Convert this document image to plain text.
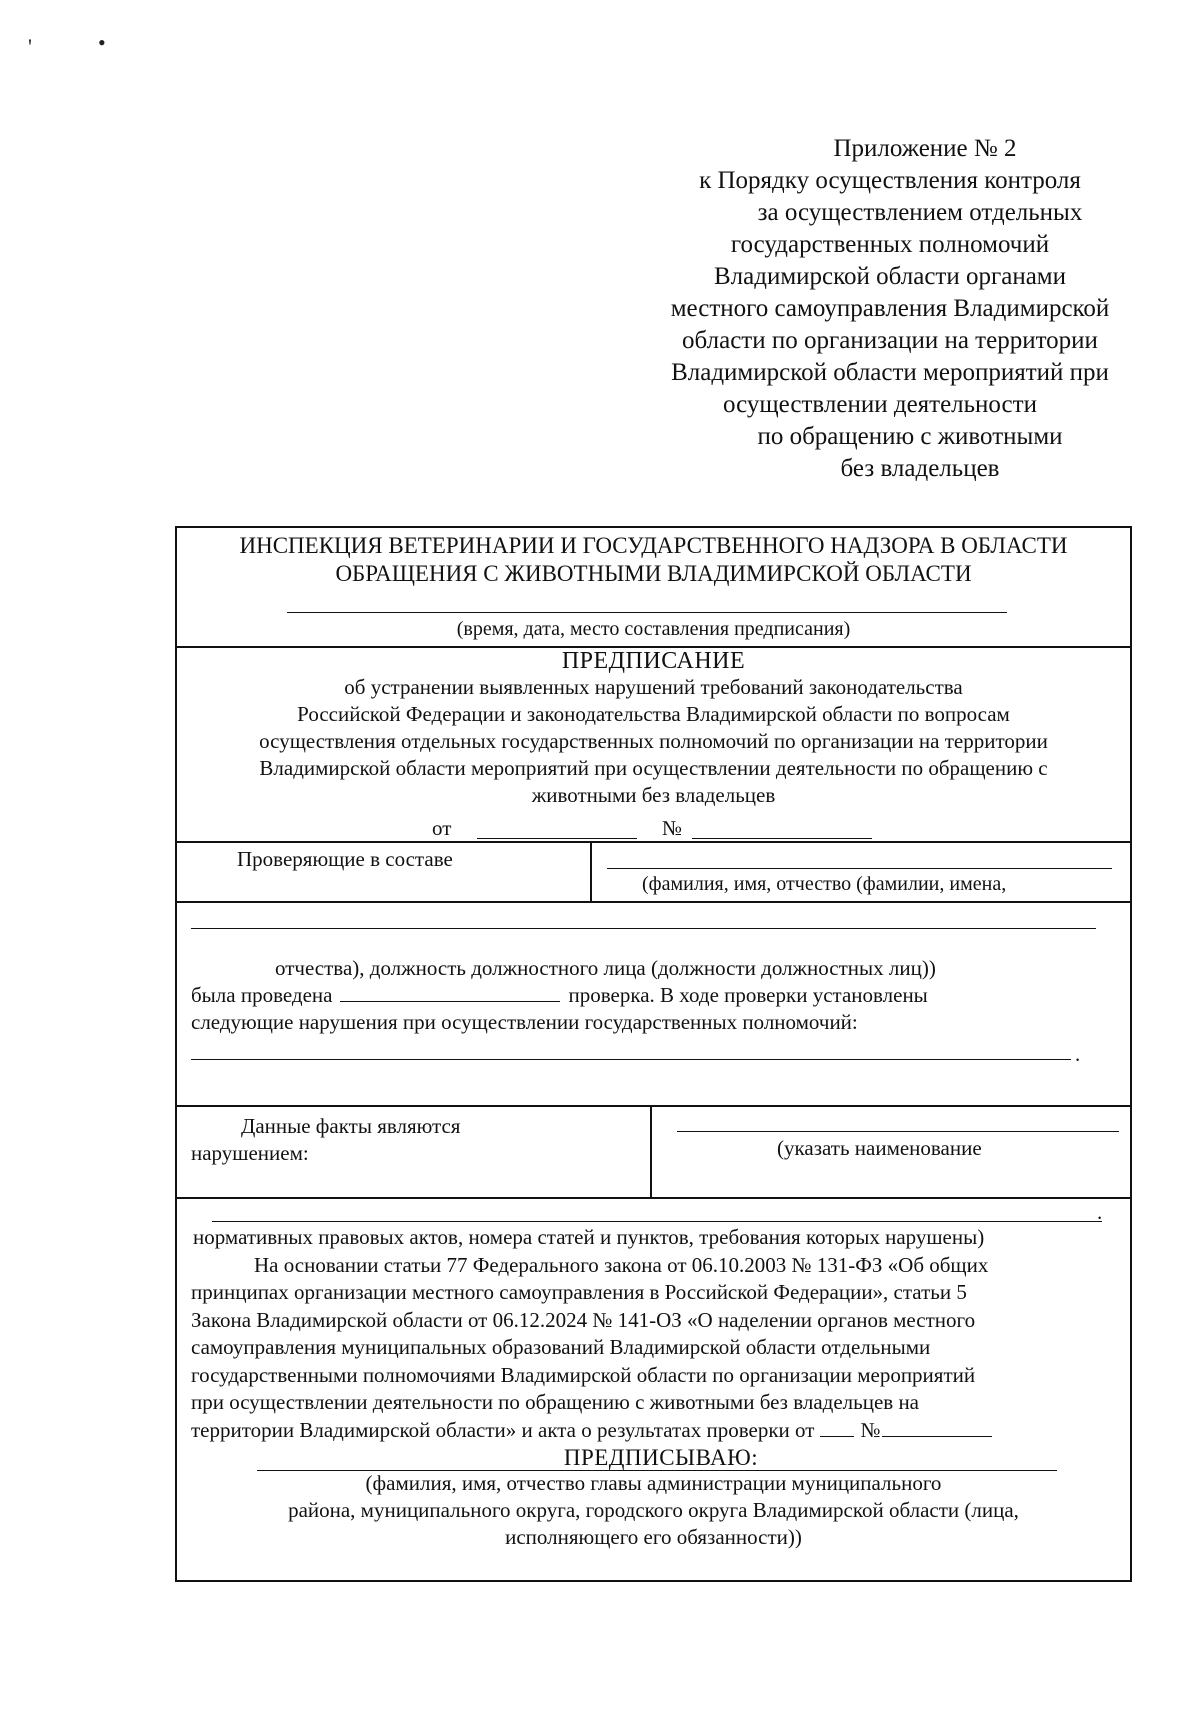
'	•
Приложение № 2
к Порядку осуществления контроля
за осуществлением отдельных
государственных полномочий
Владимирской области органами
местного самоуправления Владимирской
области по организации на территории
Владимирской области мероприятий при
осуществлении деятельности
по обращению с животными
без владельцев
ИНСПЕКЦИЯ ВЕТЕРИНАРИИ И ГОСУДАРСТВЕННОГО НАДЗОРА В ОБЛАСТИ
ОБРАЩЕНИЯ С ЖИВОТНЫМИ ВЛАДИМИРСКОЙ ОБЛАСТИ
(время, дата, место составления предписания)
ПРЕДПИСАНИЕ
об устранении выявленных нарушений требований законодательства
Российской Федерации и законодательства Владимирской области по вопросам
осуществления отдельных государственных полномочий по организации на территории
Владимирской области мероприятий при осуществлении деятельности по обращению с
животными без владельцев
от	№
Проверяющие в составе
(фамилия, имя, отчество (фамилии, имена,
отчества), должность должностного лица (должности должностных лиц))
была проведена	проверка. В ходе проверки установлены
следующие нарушения при осуществлении государственных полномочий:
.
Данные факты являются
нарушением:	(указать наименование
.
нормативных правовых актов, номера статей и пунктов, требования которых нарушены)
На основании статьи 77 Федерального закона от 06.10.2003 № 131-ФЗ «Об общих
принципах организации местного самоуправления в Российской Федерации», статьи 5
Закона Владимирской области от 06.12.2024 № 141-ОЗ «О наделении органов местного
самоуправления муниципальных образований Владимирской области отдельными
государственными полномочиями Владимирской области по организации мероприятий
при осуществлении деятельности по обращению с животными без владельцев на
территории Владимирской области» и акта о результатах проверки от №
ПРЕДПИСЫВАЮ:
(фамилия, имя, отчество главы администрации муниципального
района, муниципального округа, городского округа Владимирской области (лица,
исполняющего его обязанности))
